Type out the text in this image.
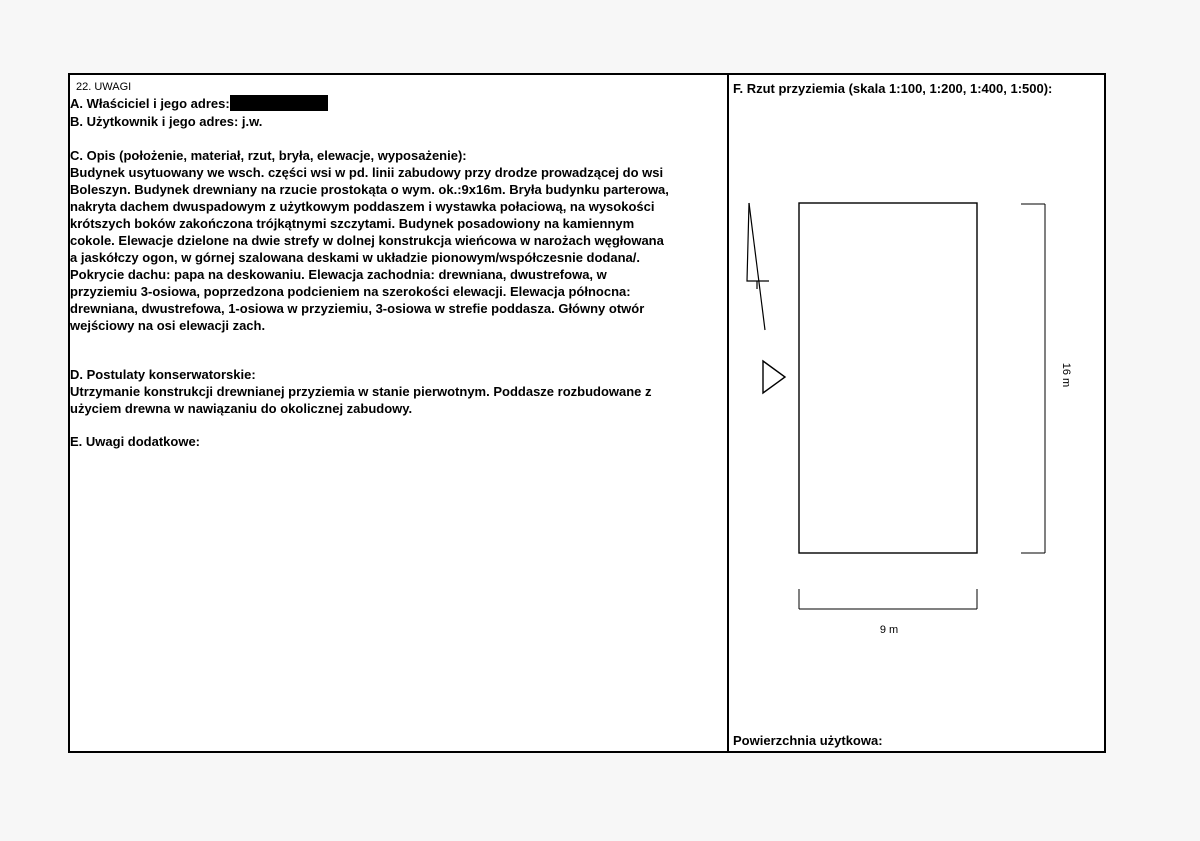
22. UWAGI
A. Właściciel i jego adres:
B. Użytkownik i jego adres: j.w.
C. Opis (położenie, materiał, rzut, bryła, elewacje, wyposażenie):
Budynek usytuowany we wsch. części wsi w pd. linii zabudowy przy drodze prowadzącej do wsi
Boleszyn. Budynek drewniany na rzucie prostokąta o wym. ok.:9x16m. Bryła budynku parterowa,
nakryta dachem dwuspadowym z użytkowym poddaszem i wystawka połaciową, na wysokości
krótszych boków zakończona trójkątnymi szczytami. Budynek posadowiony na kamiennym
cokole. Elewacje dzielone na dwie strefy w dolnej konstrukcja wieńcowa w narożach węgłowana
a jaskółczy ogon, w górnej szalowana deskami w układzie pionowym/współczesnie dodana/.
Pokrycie dachu: papa na deskowaniu. Elewacja zachodnia: drewniana, dwustrefowa, w
przyziemiu 3-osiowa, poprzedzona podcieniem na szerokości elewacji. Elewacja północna:
drewniana, dwustrefowa, 1-osiowa w przyziemiu, 3-osiowa w strefie poddasza. Główny otwór
wejściowy na osi elewacji zach.
D. Postulaty konserwatorskie:
Utrzymanie konstrukcji drewnianej przyziemia w stanie pierwotnym. Poddasze rozbudowane z
użyciem drewna w nawiązaniu do okolicznej zabudowy.
E. Uwagi dodatkowe:
F. Rzut przyziemia (skala 1:100, 1:200, 1:400, 1:500):
16 m
9 m
Powierzchnia użytkowa:
